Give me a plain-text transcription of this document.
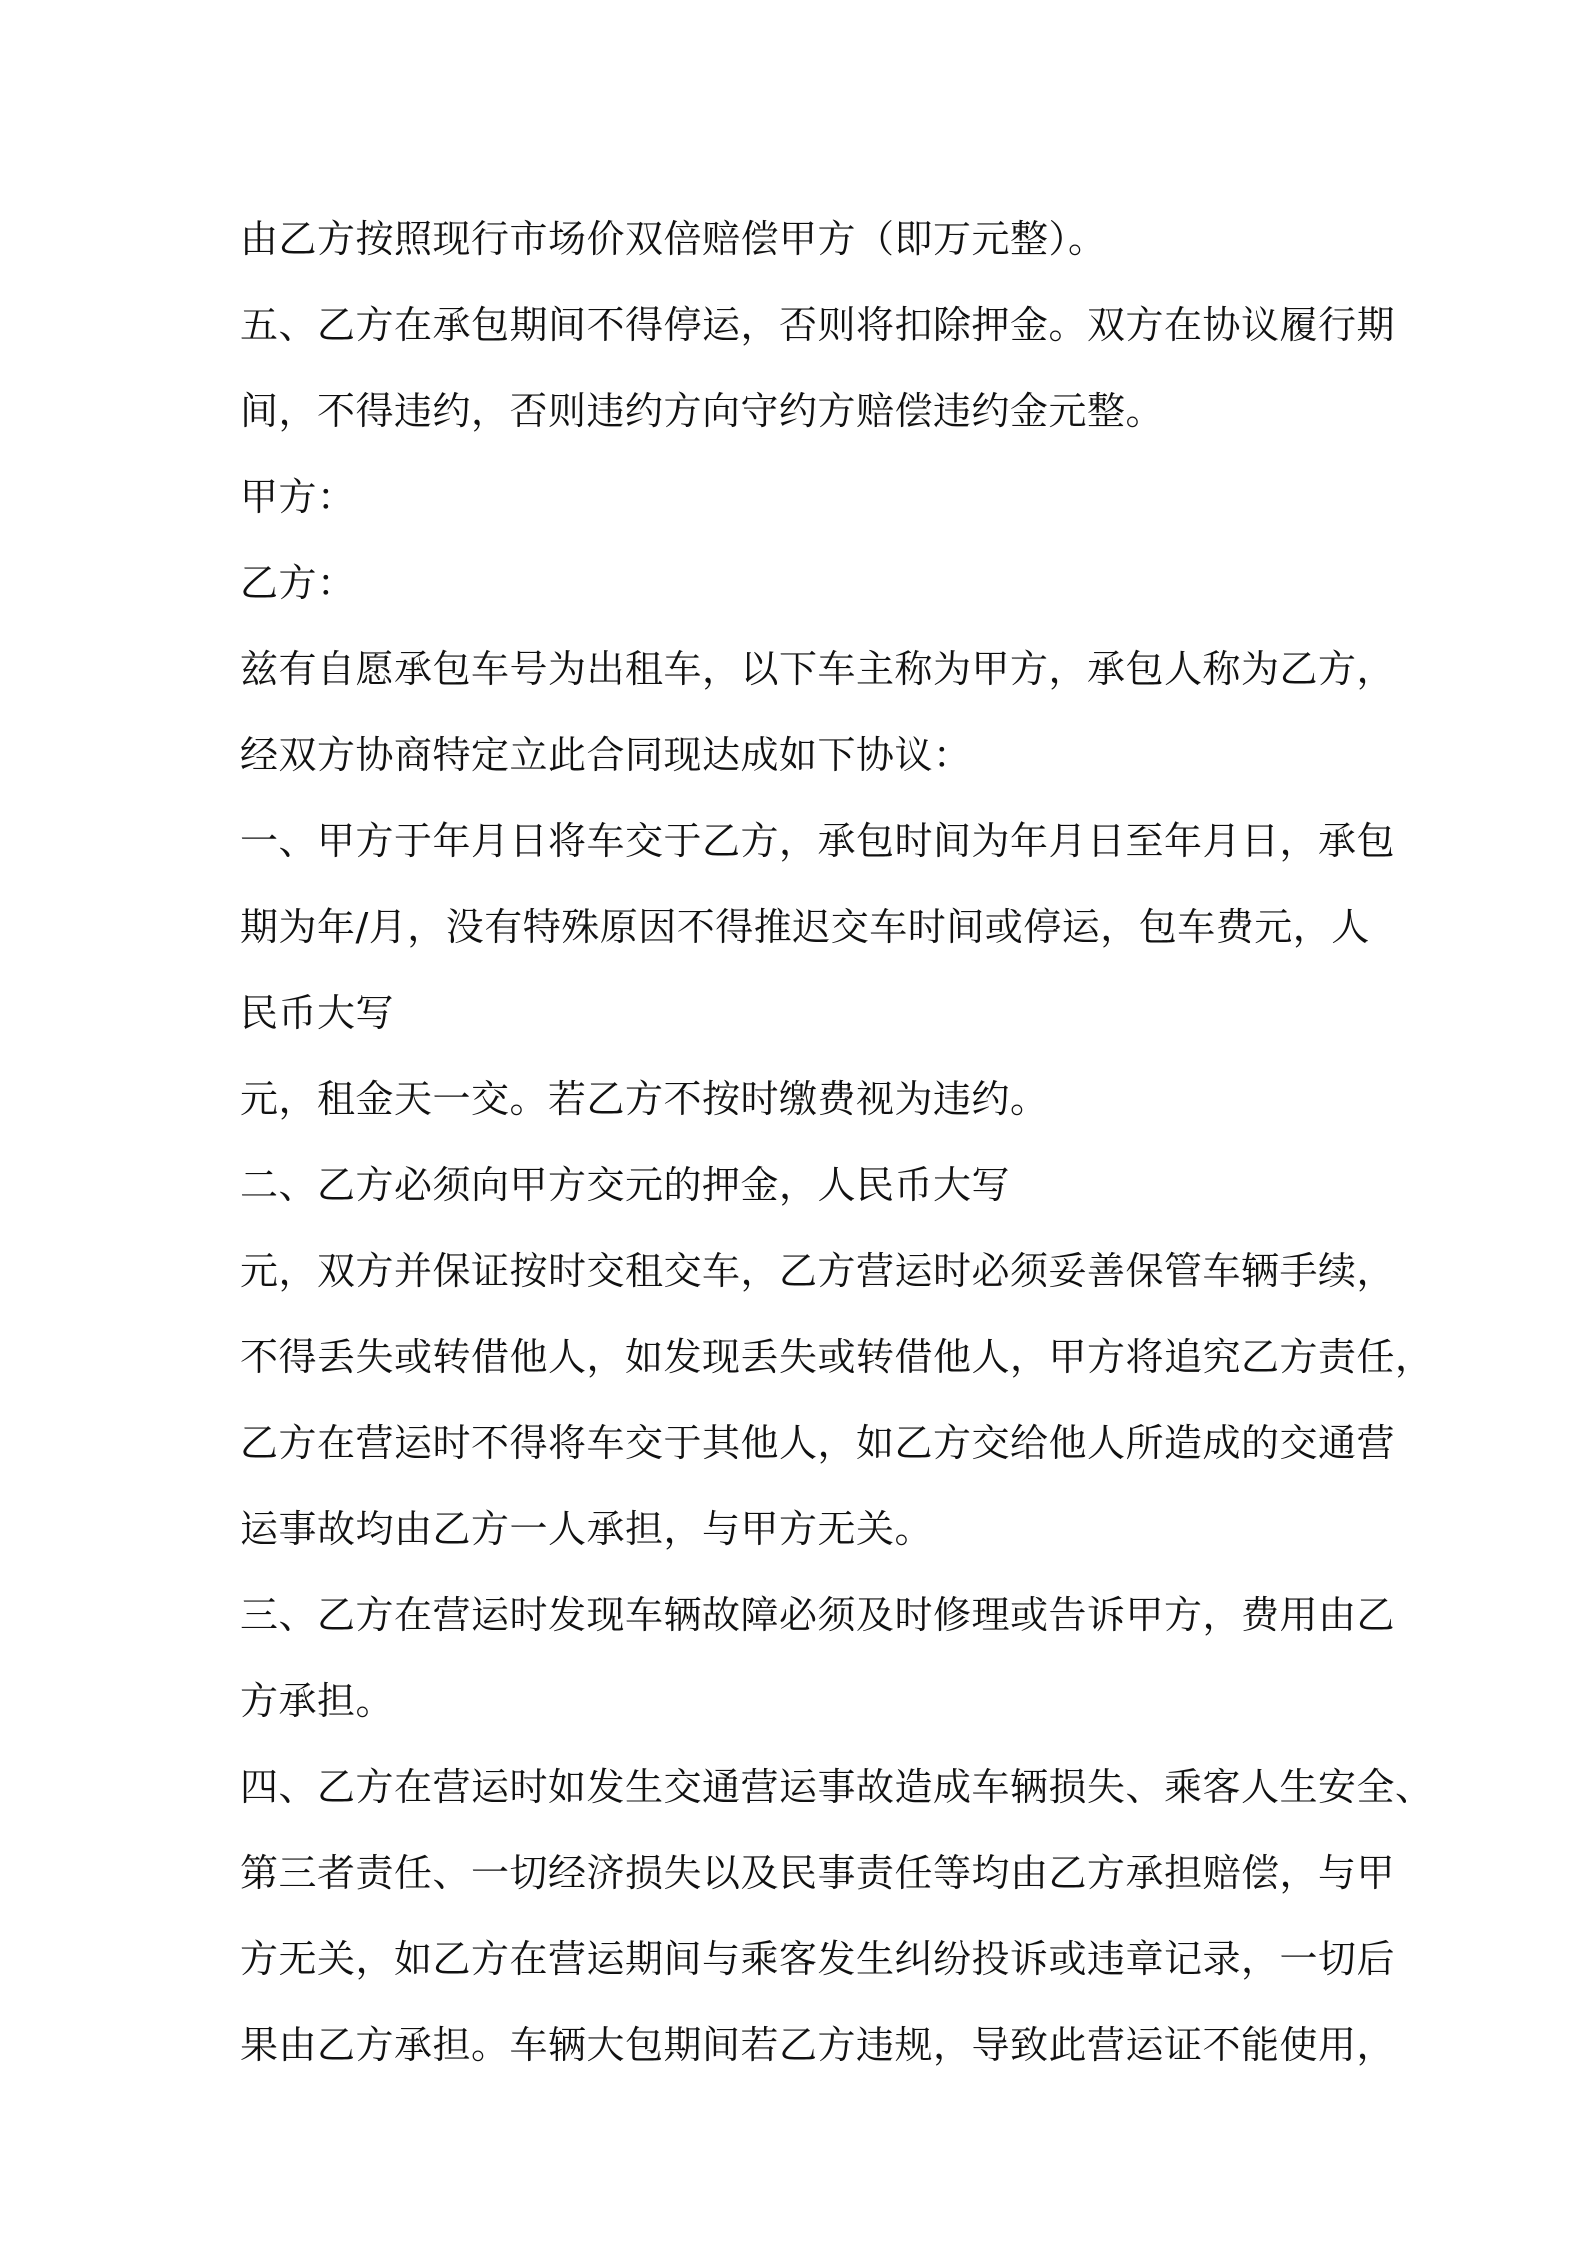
由乙方按照现行市场价双倍赔偿甲方（即万元整）。
五、乙方在承包期间不得停运，否则将扣除押金。双方在协议履行期
间，不得违约，否则违约方向守约方赔偿违约金元整。
甲方：
乙方：
兹有自愿承包车号为出租车，以下车主称为甲方，承包人称为乙方，
经双方协商特定立此合同现达成如下协议：
一、甲方于年月日将车交于乙方，承包时间为年月日至年月日，承包
期为年/月，没有特殊原因不得推迟交车时间或停运，包车费元，人
民币大写
元，租金天一交。若乙方不按时缴费视为违约。
二、乙方必须向甲方交元的押金，人民币大写
元，双方并保证按时交租交车，乙方营运时必须妥善保管车辆手续，
不得丢失或转借他人，如发现丢失或转借他人，甲方将追究乙方责任，
乙方在营运时不得将车交于其他人，如乙方交给他人所造成的交通营
运事故均由乙方一人承担，与甲方无关。
三、乙方在营运时发现车辆故障必须及时修理或告诉甲方，费用由乙
方承担。
四、乙方在营运时如发生交通营运事故造成车辆损失、乘客人生安全、
第三者责任、一切经济损失以及民事责任等均由乙方承担赔偿，与甲
方无关，如乙方在营运期间与乘客发生纠纷投诉或违章记录，一切后
果由乙方承担。车辆大包期间若乙方违规，导致此营运证不能使用，
